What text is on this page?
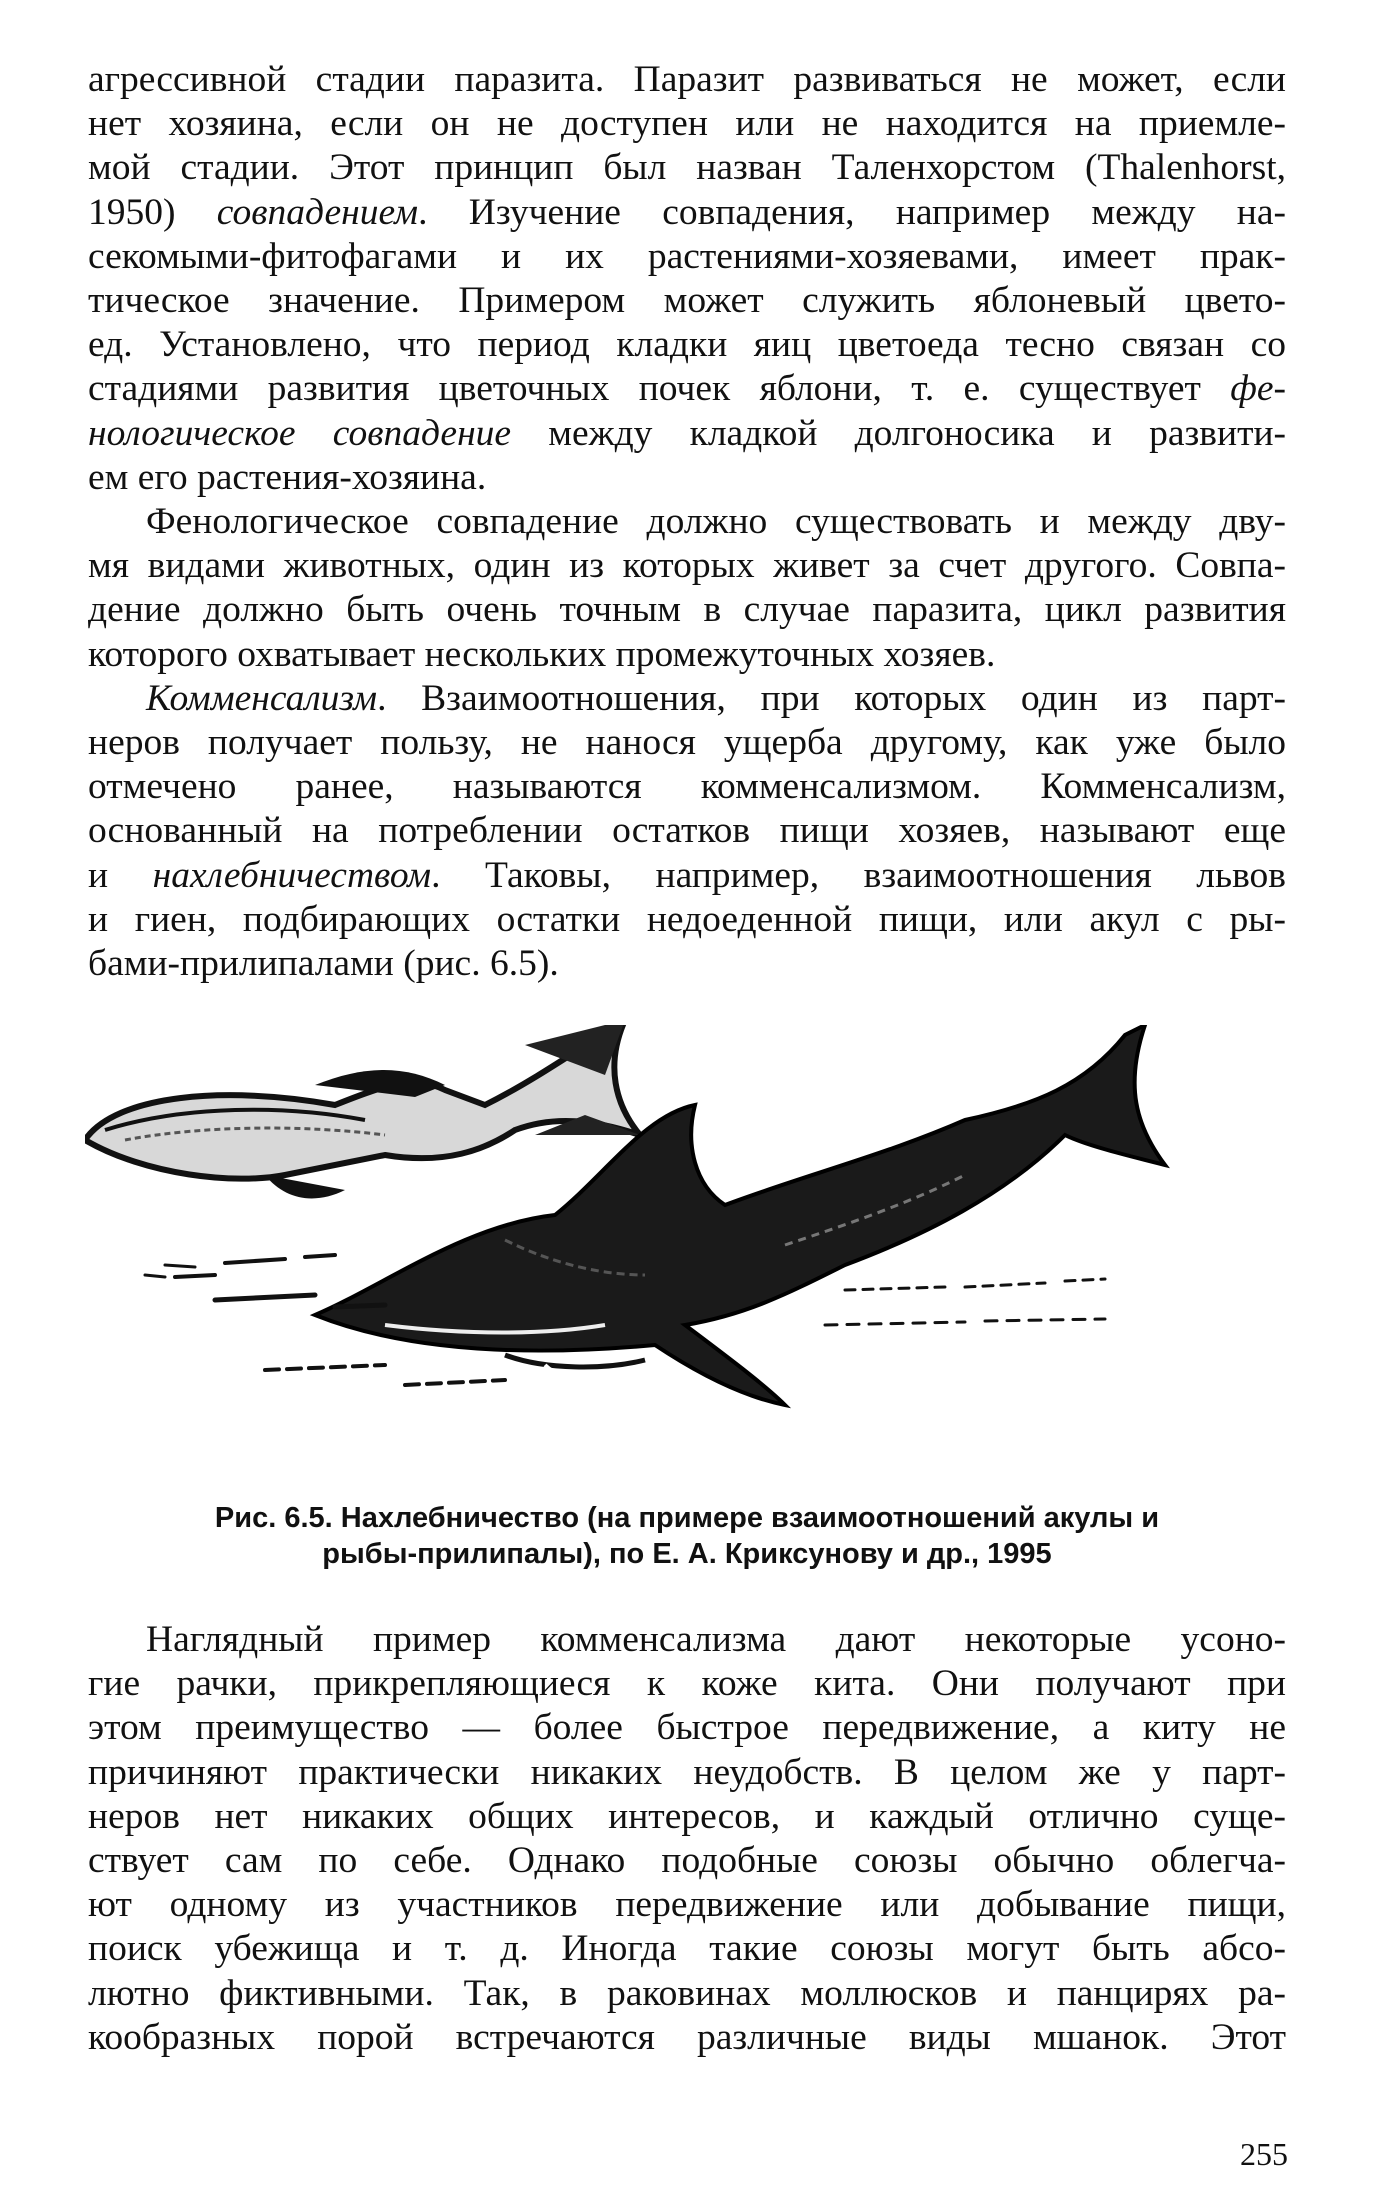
агрессивной стадии паразита. Паразит развиваться не может, если
нет хозяина, если он не доступен или не находится на приемле-
мой стадии. Этот принцип был назван Таленхорстом (Thalenhorst,
1950) совпадением. Изучение совпадения, например между на-
секомыми-фитофагами и их растениями-хозяевами, имеет прак-
тическое значение. Примером может служить яблоневый цвето-
ед. Установлено, что период кладки яиц цветоеда тесно связан со
стадиями развития цветочных почек яблони, т. е. существует фе-
нологическое совпадение между кладкой долгоносика и развити-
ем его растения-хозяина.

Фенологическое совпадение должно существовать и между дву-
мя видами животных, один из которых живет за счет другого. Совпа-
дение должно быть очень точным в случае паразита, цикл развития
которого охватывает нескольких промежуточных хозяев.

Комменсализм. Взаимоотношения, при которых один из парт-
неров получает пользу, не нанося ущерба другому, как уже было
отмечено ранее, называются комменсализмом. Комменсализм,
основанный на потреблении остатков пищи хозяев, называют еще
и нахлебничеством. Таковы, например, взаимоотношения львов
и гиен, подбирающих остатки недоеденной пищи, или акул с ры-
бами-прилипалами (рис. 6.5).

Рис. 6.5. Нахлебничество (на примере взаимоотношений акулы и
рыбы-прилипалы), по Е. А. Криксунову и др., 1995

Наглядный пример комменсализма дают некоторые усоно-
гие рачки, прикрепляющиеся к коже кита. Они получают при
этом преимущество — более быстрое передвижение, а киту не
причиняют практически никаких неудобств. В целом же у парт-
неров нет никаких общих интересов, и каждый отлично суще-
ствует сам по себе. Однако подобные союзы обычно облегча-
ют одному из участников передвижение или добывание пищи,
поиск убежища и т. д. Иногда такие союзы могут быть абсо-
лютно фиктивными. Так, в раковинах моллюсков и панцирях ра-
кообразных порой встречаются различные виды мшанок. Этот

255
